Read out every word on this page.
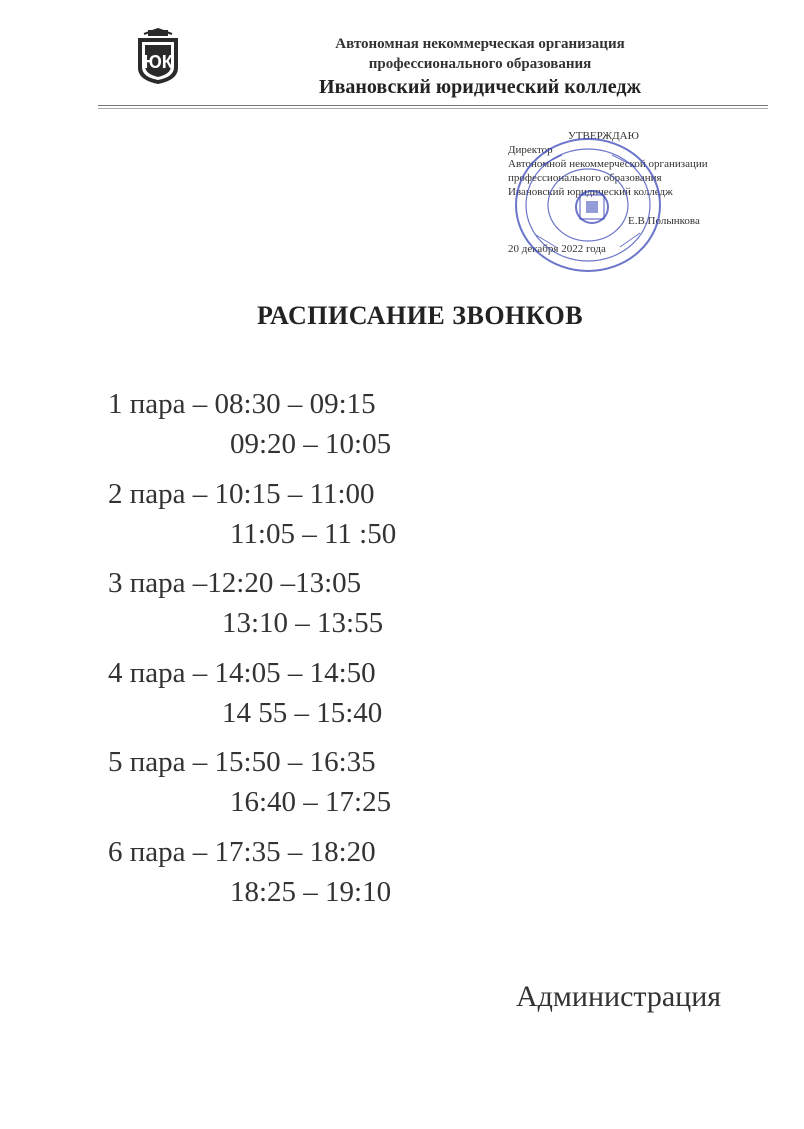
ЮК
Автономная некоммерческая организация
профессионального образования
Ивановский юридический колледж
УТВЕРЖДАЮ
Директор
Автономной некоммерческой организации
профессионального образования
Ивановский юридический колледж
Е.В.Полынкова
20 декабря 2022 года
РАСПИСАНИЕ ЗВОНКОВ
1 пара – 08:30 – 09:15
09:20 – 10:05
2 пара – 10:15 – 11:00
11:05 – 11 :50
3 пара –12:20 –13:05
13:10 – 13:55
4 пара – 14:05 – 14:50
14 55 – 15:40
5 пара – 15:50 – 16:35
16:40 – 17:25
6 пара – 17:35 – 18:20
18:25 – 19:10
Администрация
